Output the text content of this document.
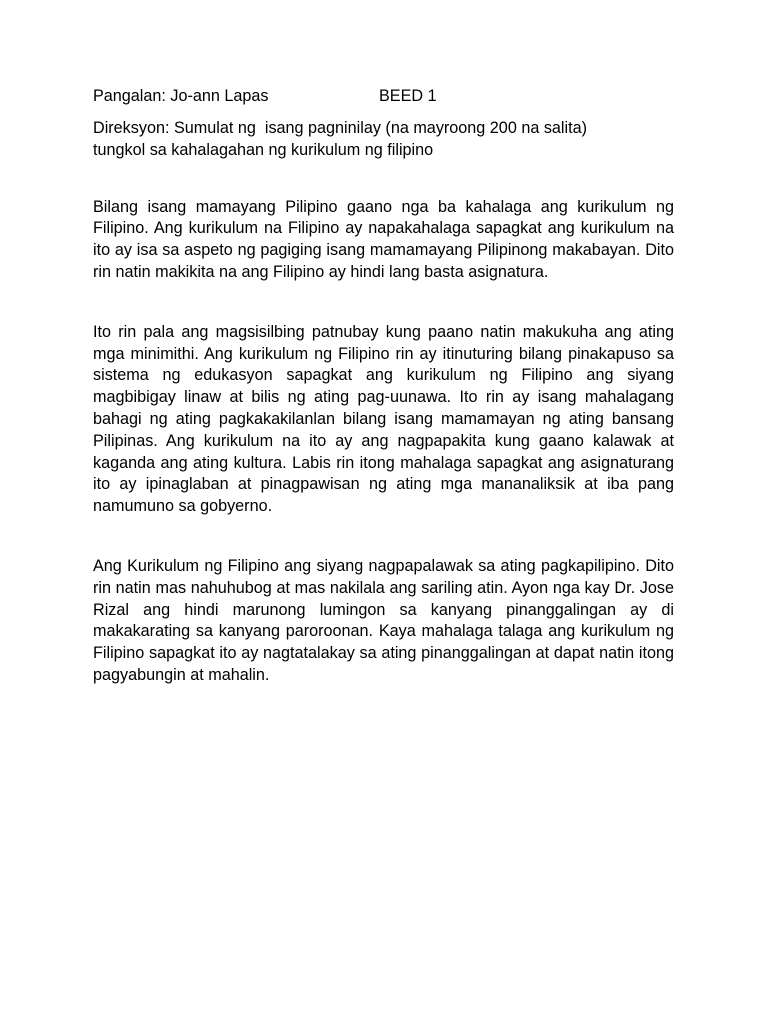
Pangalan: Jo-ann Lapas	BEED 1

Direksyon: Sumulat ng  isang pagninilay (na mayroong 200 na salita)

tungkol sa kahalagahan ng kurikulum ng filipino

Bilang isang mamayang Pilipino gaano nga ba kahalaga ang kurikulum ng Filipino. Ang kurikulum na Filipino ay napakahalaga sapagkat ang kurikulum na ito ay isa sa aspeto ng pagiging isang mamamayang Pilipinong makabayan. Dito rin natin makikita na ang Filipino ay hindi lang basta asignatura.

Ito rin pala ang magsisilbing patnubay kung paano natin makukuha ang ating mga minimithi. Ang kurikulum ng Filipino rin ay itinuturing bilang pinakapuso sa sistema ng edukasyon sapagkat ang kurikulum ng Filipino ang siyang magbibigay linaw at bilis ng ating pag-uunawa. Ito rin ay isang mahalagang bahagi ng ating pagkakakilanlan bilang isang mamamayan ng ating bansang Pilipinas. Ang kurikulum na ito ay ang nagpapakita kung gaano kalawak at kaganda ang ating kultura. Labis rin itong mahalaga sapagkat ang asignaturang ito ay ipinaglaban at pinagpawisan ng ating mga mananaliksik at iba pang namumuno sa gobyerno.

Ang Kurikulum ng Filipino ang siyang nagpapalawak sa ating pagkapilipino. Dito rin natin mas nahuhubog at mas nakilala ang sariling atin. Ayon nga kay Dr. Jose Rizal ang hindi marunong lumingon sa kanyang pinanggalingan ay di makakarating sa kanyang paroroonan. Kaya mahalaga talaga ang kurikulum ng Filipino sapagkat ito ay nagtatalakay sa ating pinanggalingan at dapat natin itong pagyabungin at mahalin.
